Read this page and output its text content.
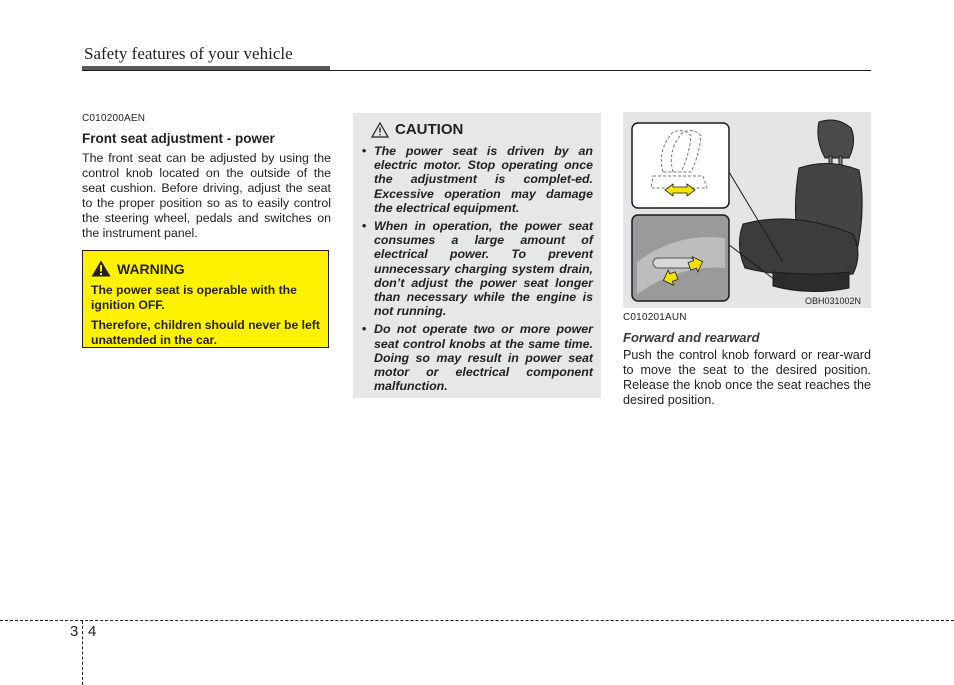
Safety features of your vehicle
C010200AEN
Front seat adjustment - power
The front seat can be adjusted by using the control knob located on the outside of the seat cushion. Before driving, adjust the seat to the proper position so as to easily control the steering wheel, pedals and switches on the instrument panel.
WARNING
The power seat is operable with the ignition OFF.
Therefore, children should never be left unattended in the car.
CAUTION
• The power seat is driven by an electric motor. Stop operating once the adjustment is complet-ed. Excessive operation may damage the electrical equipment.
• When in operation, the power seat consumes a large amount of electrical power. To prevent unnecessary charging system drain, don’t adjust the power seat longer than necessary while the engine is not running.
• Do not operate two or more power seat control knobs at the same time. Doing so may result in power seat motor or electrical component malfunction.
OBH031002N
C010201AUN
Forward and rearward
Push the control knob forward or rear-ward to move the seat to the desired position. Release the knob once the seat reaches the desired position.
3 4
